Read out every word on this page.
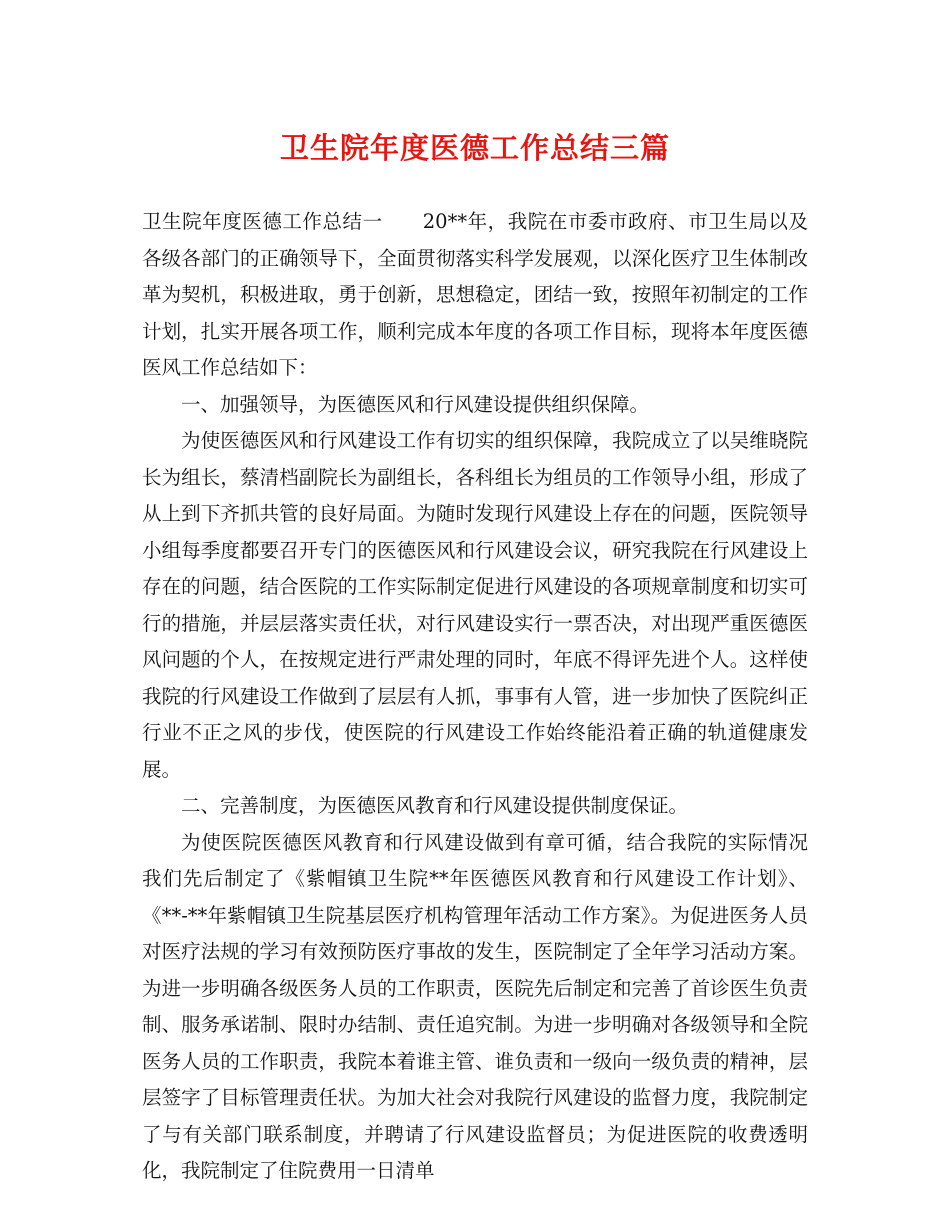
卫生院年度医德工作总结三篇

卫生院年度医德工作总结一　　20**年，我院在市委市政府、市卫生局以及各级各部门的正确领导下，全面贯彻落实科学发展观，以深化医疗卫生体制改革为契机，积极进取，勇于创新，思想稳定，团结一致，按照年初制定的工作计划，扎实开展各项工作，顺利完成本年度的各项工作目标，现将本年度医德医风工作总结如下：

一、加强领导，为医德医风和行风建设提供组织保障。

为使医德医风和行风建设工作有切实的组织保障，我院成立了以吴维晓院长为组长，蔡清档副院长为副组长，各科组长为组员的工作领导小组，形成了从上到下齐抓共管的良好局面。为随时发现行风建设上存在的问题，医院领导小组每季度都要召开专门的医德医风和行风建设会议，研究我院在行风建设上存在的问题，结合医院的工作实际制定促进行风建设的各项规章制度和切实可行的措施，并层层落实责任状，对行风建设实行一票否决，对出现严重医德医风问题的个人，在按规定进行严肃处理的同时，年底不得评先进个人。这样使我院的行风建设工作做到了层层有人抓，事事有人管，进一步加快了医院纠正行业不正之风的步伐，使医院的行风建设工作始终能沿着正确的轨道健康发展。

二、完善制度，为医德医风教育和行风建设提供制度保证。

为使医院医德医风教育和行风建设做到有章可循，结合我院的实际情况 我们先后制定了《紫帽镇卫生院**年医德医风教育和行风建设工作计划》、《**-**年紫帽镇卫生院基层医疗机构管理年活动工作方案》。为促进医务人员对医疗法规的学习有效预防医疗事故的发生，医院制定了全年学习活动方案。为进一步明确各级医务人员的工作职责，医院先后制定和完善了首诊医生负责制、服务承诺制、限时办结制、责任追究制。为进一步明确对各级领导和全院医务人员的工作职责，我院本着谁主管、谁负责和一级向一级负责的精神，层层签字了目标管理责任状。为加大社会对我院行风建设的监督力度，我院制定了与有关部门联系制度，并聘请了行风建设监督员；为促进医院的收费透明化，我院制定了住院费用一日清单
